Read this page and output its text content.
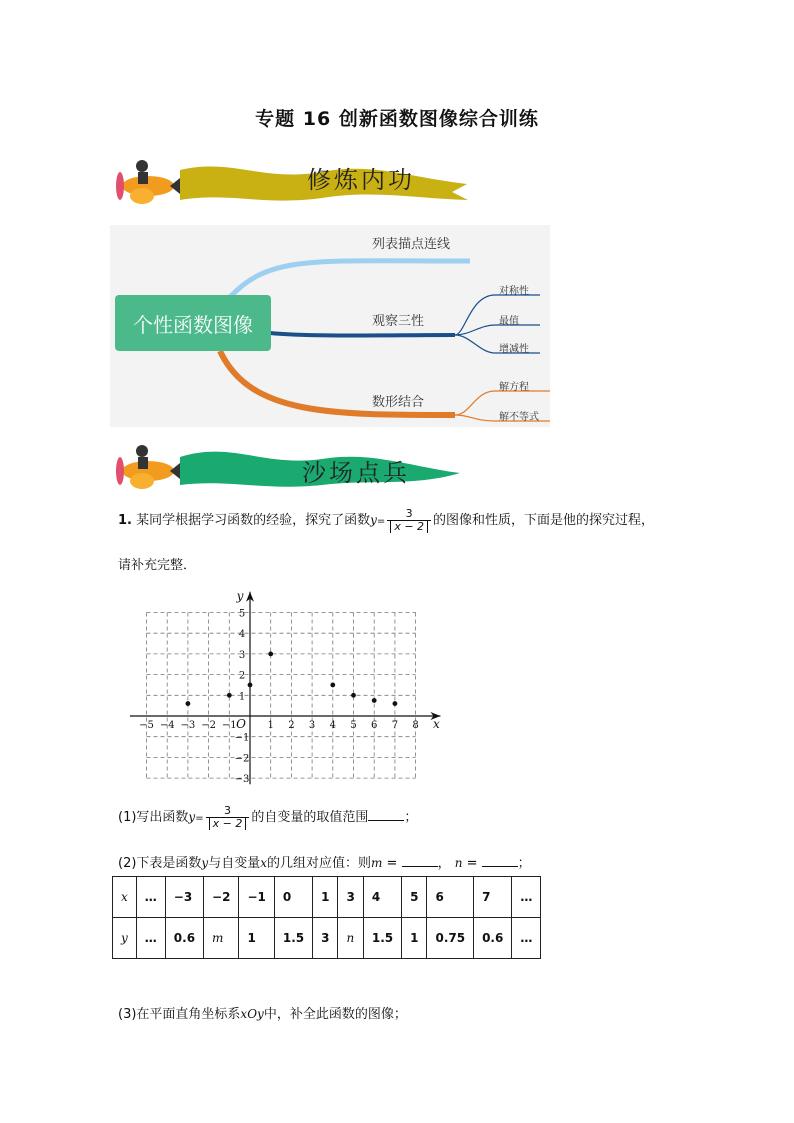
专题 16 创新函数图像综合训练
修炼内功
个性函数图像
列表描点连线
观察三性
对称性
最值
增减性
数形结合
解方程
解不等式
沙场点兵
1. 某同学根据学习函数的经验，探究了函数$y= \frac{3}{x - 2}$ 的图像和性质，下面是他的探究过程，
请补充完整．
−5 −4 −3 −2 −1	1 2 3 4 5 6 7 8
1
2
3
4
5
−1
−2
−3
O	x
y
(1)写出函数$y= \frac{3}{x - 2}$ 的自变量的取值范围	；
(2)下表是函数y与自变量x的几组对应值：则m =	， n =	；
x	…	−3	−2	−1	0	1	3	4	5	6	7	…
y	…	0.6	m	1	1.5	3	n	1.5	1	0.75	0.6	…
(3)在平面直角坐标系xOy中，补全此函数的图像；
